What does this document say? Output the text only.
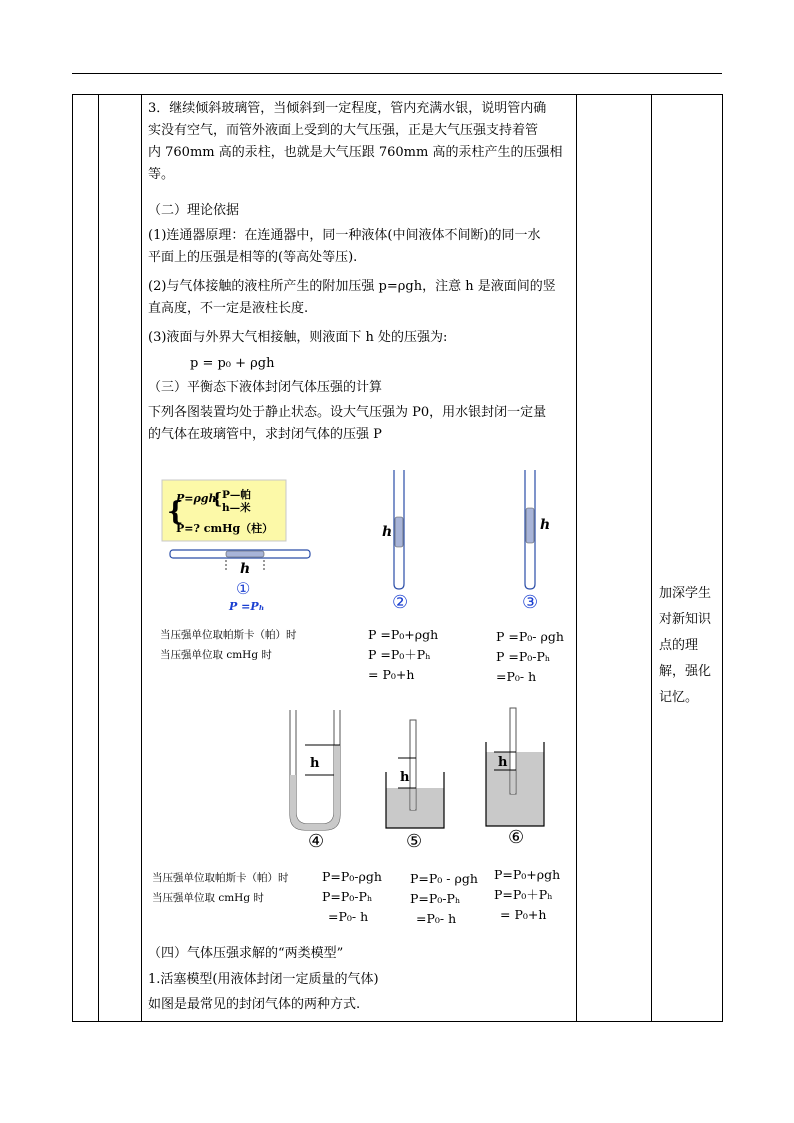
3．继续倾斜玻璃管，当倾斜到一定程度，管内充满水银，说明管内确
实没有空气，而管外液面上受到的大气压强，正是大气压强支持着管
内 760mm 高的汞柱，也就是大气压跟 760mm 高的汞柱产生的压强相
等。
（二）理论依据
(1)连通器原理：在连通器中，同一种液体(中间液体不间断)的同一水
平面上的压强是相等的(等高处等压).
(2)与气体接触的液柱所产生的附加压强 p=ρgh，注意 h 是液面间的竖
直高度，不一定是液柱长度.
(3)液面与外界大气相接触，则液面下 h 处的压强为:
p = p₀ + ρgh
（三）平衡态下液体封闭气体压强的计算
下列各图装置均处于静止状态。设大气压强为 P0，用水银封闭一定量
的气体在玻璃管中，求封闭气体的压强 P
{
P=ρgh
{ P—帕
h—米
P=? cmHg（柱）
h
①
P =Pₕ
h
②
h
③
当压强单位取帕斯卡（帕）时
当压强单位取 cmHg 时
P =P₀+ρgh
P =P₀＋Pₕ
= P₀+h
P =P₀- ρgh
P =P₀-Pₕ
=P₀- h
h
④
h
⑤
h
⑥
当压强单位取帕斯卡（帕）时
当压强单位取 cmHg 时
P=P₀-ρgh
P=P₀-Pₕ
=P₀- h
P=P₀ - ρgh
P=P₀-Pₕ
=P₀- h
P=P₀+ρgh
P=P₀＋Pₕ
= P₀+h
（四）气体压强求解的“两类模型”
1.活塞模型(用液体封闭一定质量的气体)
如图是最常见的封闭气体的两种方式.
加深学生
对新知识
点的理
解，强化
记忆。
